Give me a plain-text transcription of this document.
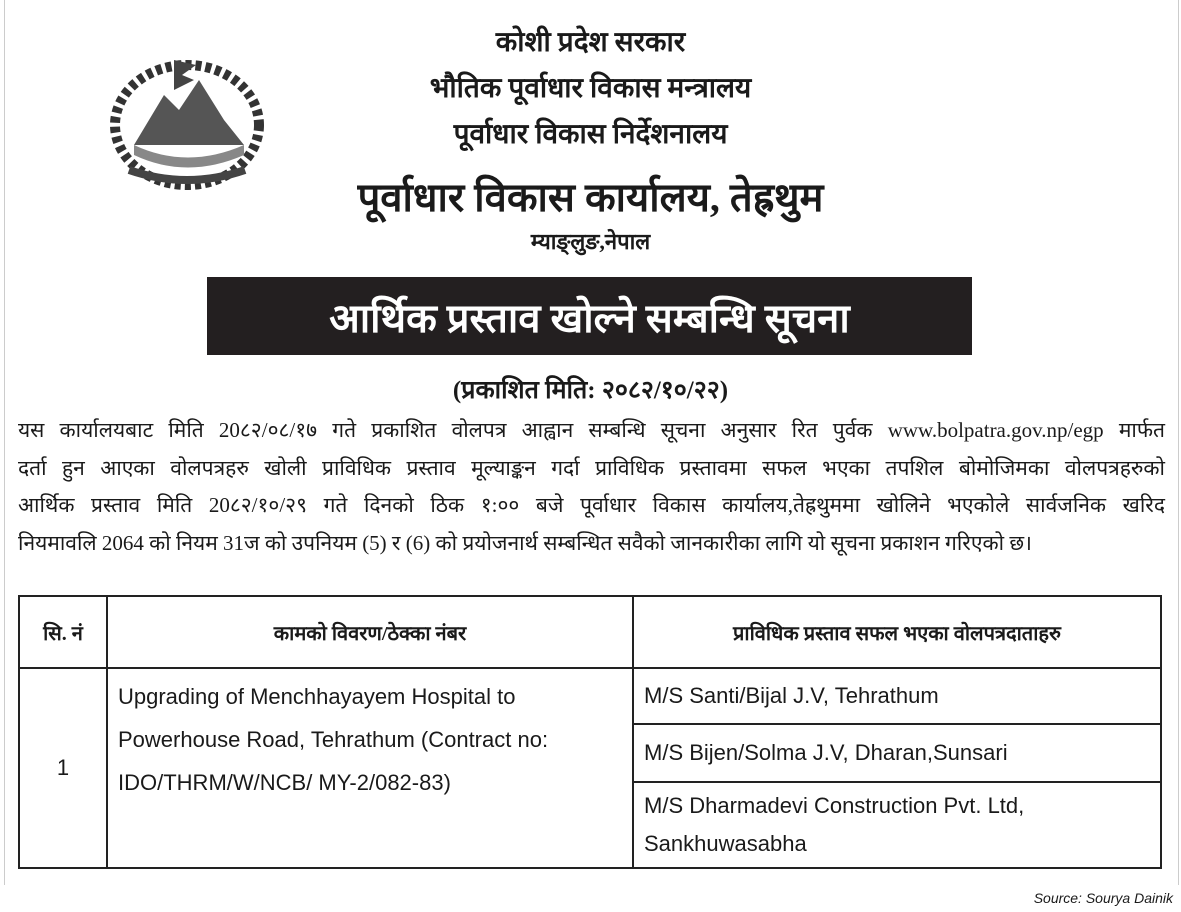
कोशी प्रदेश सरकार
भौतिक पूर्वाधार विकास मन्त्रालय
पूर्वाधार विकास निर्देशनालय
पूर्वाधार विकास कार्यालय, तेह्रथुम
म्याङ्लुङ,नेपाल
आर्थिक प्रस्ताव खोल्ने सम्बन्धि सूचना
(प्रकाशित मिति: २०८२/१०/२२)
यस कार्यालयबाट मिति 20८२/०८/१७ गते प्रकाशित वोलपत्र आह्वान सम्बन्धि सूचना अनुसार रित पुर्वक www.bolpatra.gov.np/egp मार्फत
दर्ता हुन आएका वोलपत्रहरु खोली प्राविधिक प्रस्ताव मूल्याङ्कन गर्दा प्राविधिक प्रस्तावमा सफल भएका तपशिल बोमोजिमका वोलपत्रहरुको
आर्थिक प्रस्ताव मिति 20८२/१०/२९ गते दिनको ठिक १:०० बजे पूर्वाधार विकास कार्यालय,तेह्रथुममा खोलिने भएकोले सार्वजनिक खरिद
नियमावलि 2064 को नियम 31ज को उपनियम (5) र (6) को प्रयोजनार्थ सम्बन्धित सवैको जानकारीका लागि यो सूचना प्रकाशन गरिएको छ।
सि. नं	कामको विवरण/ठेक्का नंबर	प्राविधिक प्रस्ताव सफल भएका वोलपत्रदाताहरु
1	Upgrading of Menchhayayem Hospital to Powerhouse Road, Tehrathum (Contract no: IDO/THRM/W/NCB/ MY-2/082-83)	M/S Santi/Bijal J.V, Tehrathum
		M/S Bijen/Solma J.V, Dharan,Sunsari
		M/S Dharmadevi Construction Pvt. Ltd, Sankhuwasabha
Source: Sourya Dainik
